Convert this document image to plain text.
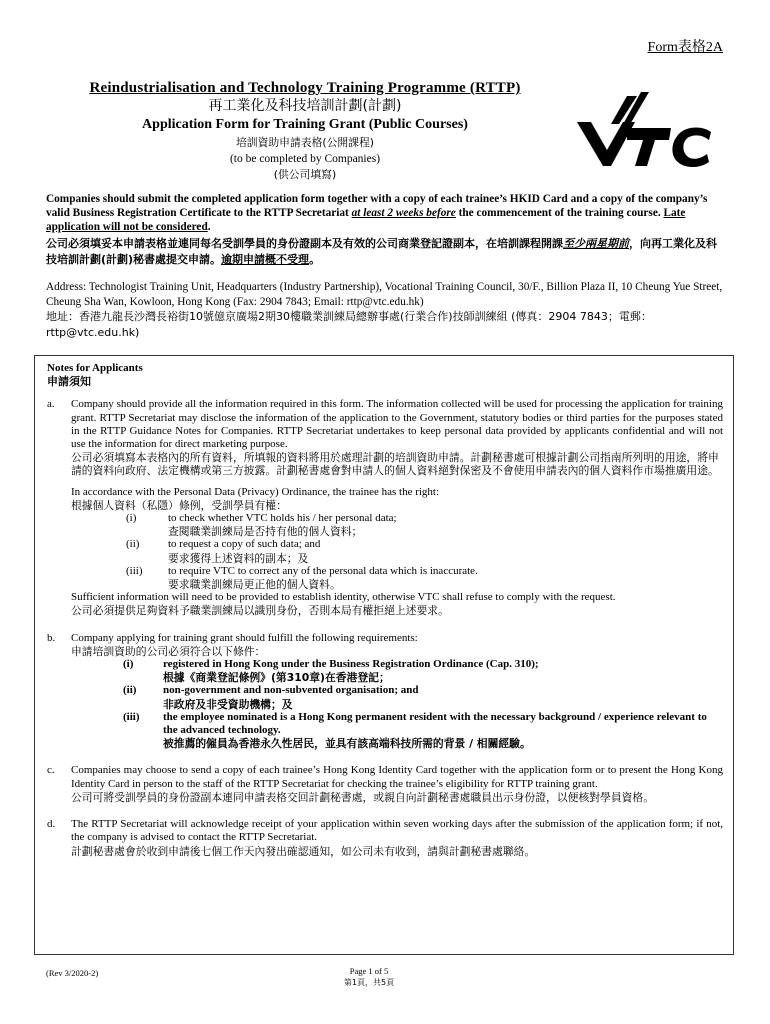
Form表格2A
Reindustrialisation and Technology Training Programme (RTTP)
再工業化及科技培訓計劃(計劃)
Application Form for Training Grant (Public Courses)
培訓資助申請表格(公開課程)
(to be completed by Companies)
(供公司填寫)
Companies should submit the completed application form together with a copy of each trainee’s HKID Card and a copy of the company’s valid Business Registration Certificate to the RTTP Secretariat at least 2 weeks before the commencement of the training course. Late application will not be considered.
公司必須填妥本申請表格並連同每名受訓學員的身份證副本及有效的公司商業登記證副本，在培訓課程開課至少兩星期前，向再工業化及科技培訓計劃(計劃)秘書處提交申請。逾期申請概不受理。
Address: Technologist Training Unit, Headquarters (Industry Partnership), Vocational Training Council, 30/F., Billion Plaza II, 10 Cheung Yue Street, Cheung Sha Wan, Kowloon, Hong Kong (Fax: 2904 7843; Email: rttp@vtc.edu.hk)
地址：香港九龍長沙灣長裕街10號億京廣場2期30樓職業訓練局總辦事處(行業合作)技師訓練組 (傳真：2904 7843；電郵：rttp@vtc.edu.hk)
Notes for Applicants
申請須知
a. Company should provide all the information required in this form. The information collected will be used for processing the application for training grant. RTTP Secretariat may disclose the information of the application to the Government, statutory bodies or third parties for the purposes stated in the RTTP Guidance Notes for Companies. RTTP Secretariat undertakes to keep personal data provided by applicants confidential and will not use the information for direct marketing purpose.
公司必須填寫本表格內的所有資料，所填報的資料將用於處理計劃的培訓資助申請。計劃秘書處可根據計劃公司指南所列明的用途，將申請的資料向政府、法定機構或第三方披露。計劃秘書處會對申請人的個人資料絕對保密及不會使用申請表內的個人資料作市場推廣用途。
In accordance with the Personal Data (Privacy) Ordinance, the trainee has the right:
根據個人資料（私隱）條例，受訓學員有權：
(i)	to check whether VTC holds his / her personal data;
查閱職業訓練局是否持有他的個人資料；
(ii)	to request a copy of such data; and
要求獲得上述資料的副本；及
(iii) to require VTC to correct any of the personal data which is inaccurate.
要求職業訓練局更正他的個人資料。
Sufficient information will need to be provided to establish identity, otherwise VTC shall refuse to comply with the request.
公司必須提供足夠資料予職業訓練局以識別身份，否則本局有權拒絕上述要求。
b. Company applying for training grant should fulfill the following requirements:
申請培訓資助的公司必須符合以下條件：
(i)	registered in Hong Kong under the Business Registration Ordinance (Cap. 310);
根據《商業登記條例》(第310章)在香港登記；
(ii) non-government and non-subvented organisation; and
非政府及非受資助機構；及
(iii) the employee nominated is a Hong Kong permanent resident with the necessary background / experience relevant to the advanced technology.
被推薦的僱員為香港永久性居民，並具有該高端科技所需的背景 / 相關經驗。
c. Companies may choose to send a copy of each trainee’s Hong Kong Identity Card together with the application form or to present the Hong Kong Identity Card in person to the staff of the RTTP Secretariat for checking the trainee’s eligibility for RTTP training grant.
公司可將受訓學員的身份證副本連同申請表格交回計劃秘書處，或親自向計劃秘書處職員出示身份證，以便核對學員資格。
d. The RTTP Secretariat will acknowledge receipt of your application within seven working days after the submission of the application form; if not, the company is advised to contact the RTTP Secretariat.
計劃秘書處會於收到申請後七個工作天內發出確認通知，如公司未有收到，請與計劃秘書處聯絡。
(Rev 3/2020-2)	Page 1 of 5
第1頁，共5頁
